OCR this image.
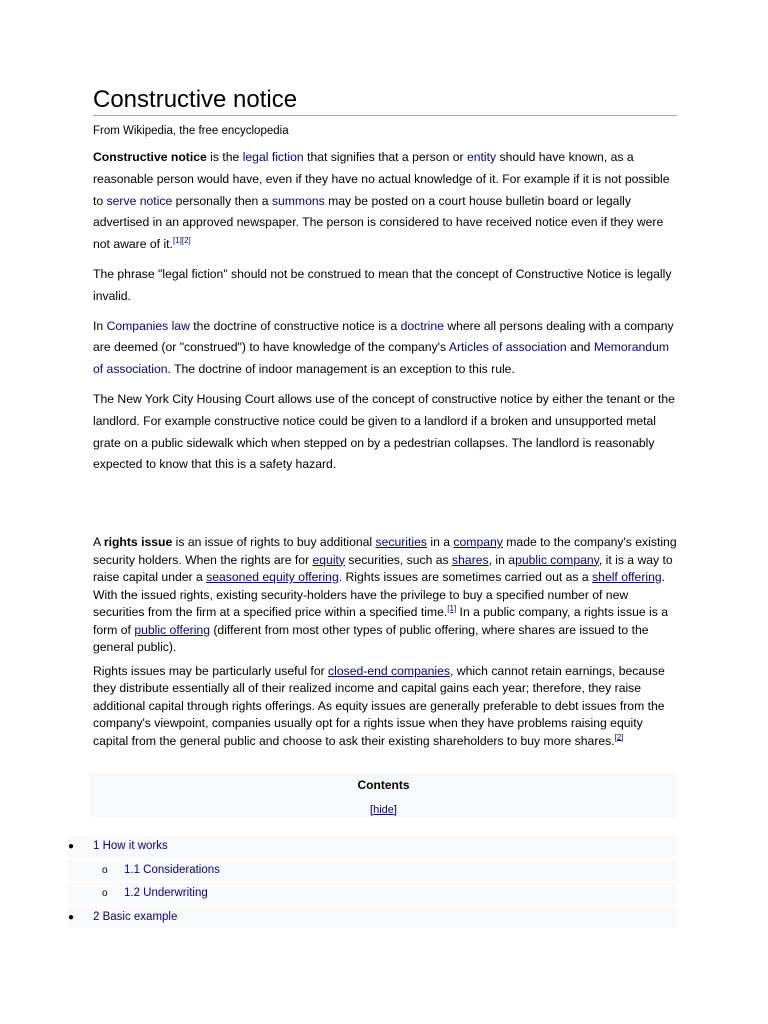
Constructive notice
From Wikipedia, the free encyclopedia

Constructive notice is the legal fiction that signifies that a person or entity should have known, as a reasonable person would have, even if they have no actual knowledge of it. For example if it is not possible to serve notice personally then a summons may be posted on a court house bulletin board or legally advertised in an approved newspaper. The person is considered to have received notice even if they were not aware of it.[1][2]

The phrase "legal fiction" should not be construed to mean that the concept of Constructive Notice is legally invalid.

In Companies law the doctrine of constructive notice is a doctrine where all persons dealing with a company are deemed (or "construed") to have knowledge of the company's Articles of association and Memorandum of association. The doctrine of indoor management is an exception to this rule.

The New York City Housing Court allows use of the concept of constructive notice by either the tenant or the landlord. For example constructive notice could be given to a landlord if a broken and unsupported metal grate on a public sidewalk which when stepped on by a pedestrian collapses. The landlord is reasonably expected to know that this is a safety hazard.

A rights issue is an issue of rights to buy additional securities in a company made to the company's existing security holders. When the rights are for equity securities, such as shares, in apublic company, it is a way to raise capital under a seasoned equity offering. Rights issues are sometimes carried out as a shelf offering. With the issued rights, existing security-holders have the privilege to buy a specified number of new securities from the firm at a specified price within a specified time.[1] In a public company, a rights issue is a form of public offering (different from most other types of public offering, where shares are issued to the general public).

Rights issues may be particularly useful for closed-end companies, which cannot retain earnings, because they distribute essentially all of their realized income and capital gains each year; therefore, they raise additional capital through rights offerings. As equity issues are generally preferable to debt issues from the company's viewpoint, companies usually opt for a rights issue when they have problems raising equity capital from the general public and choose to ask their existing shareholders to buy more shares.[2]

Contents
[hide]
● 1 How it works
o 1.1 Considerations
o 1.2 Underwriting
● 2 Basic example
